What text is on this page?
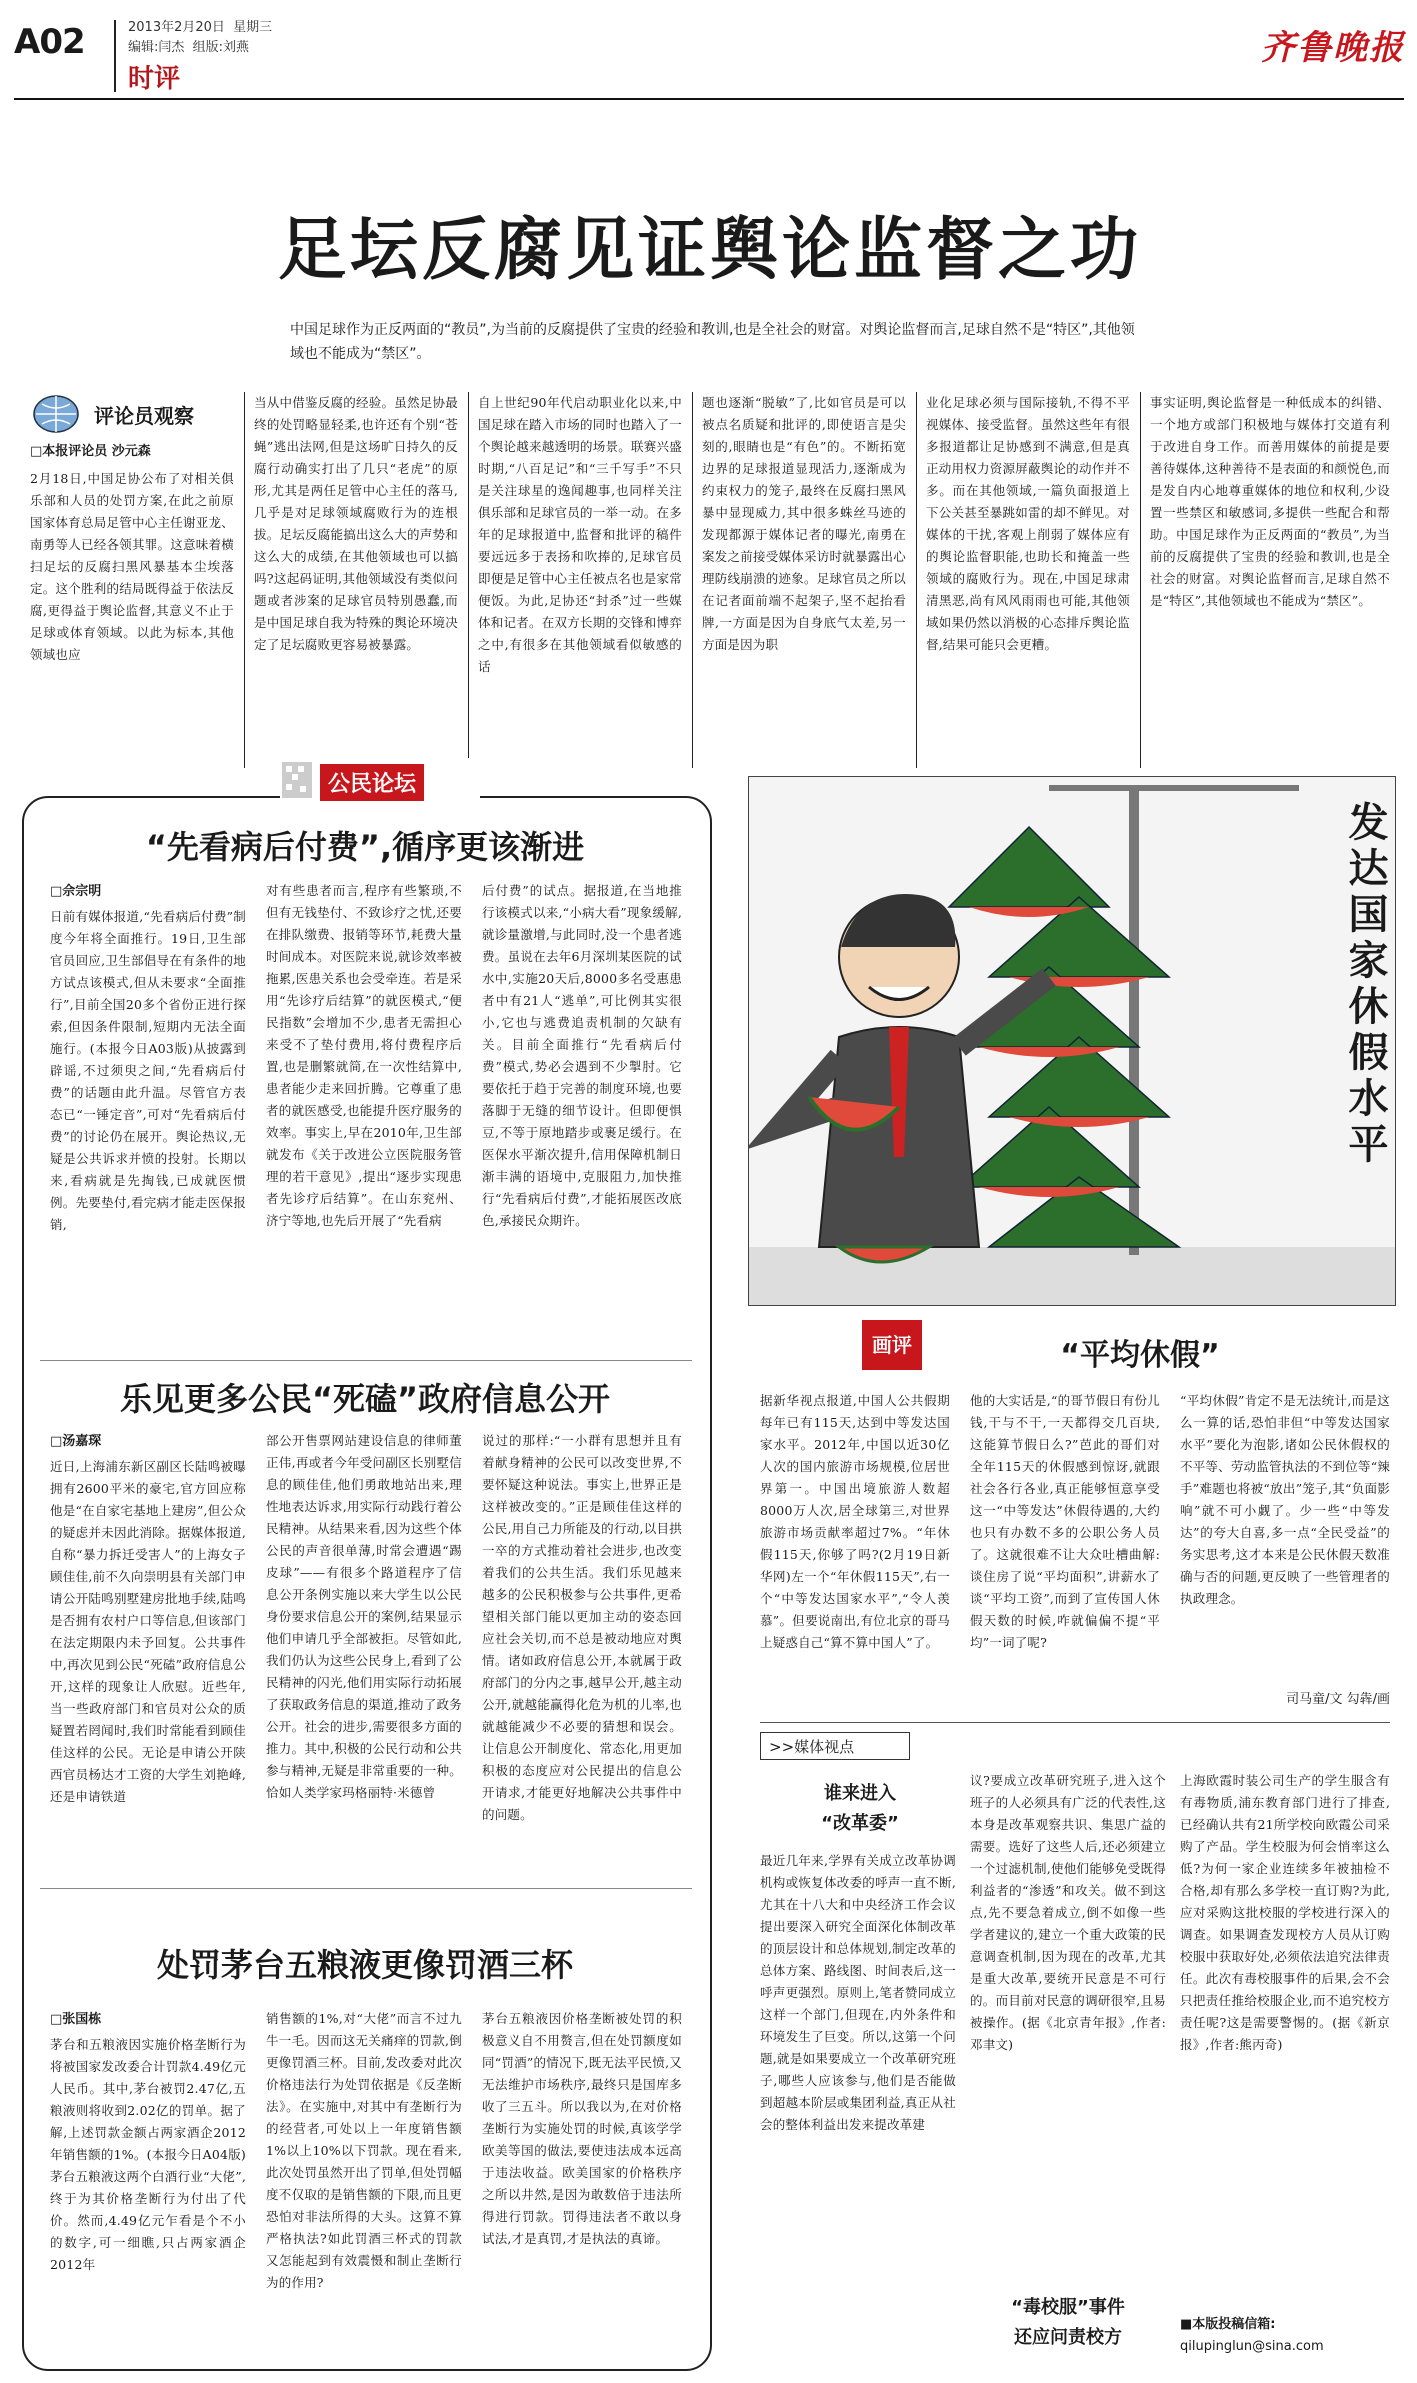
A02	2013年2月20日 星期三
编辑:闫杰 组版:刘燕
时评
齐鲁晚报
足坛反腐见证舆论监督之功
中国足球作为正反两面的“教员”,为当前的反腐提供了宝贵的经验和教训,也是全社会的财富。对舆论监督而言,足球自然不是“特区”,其他领域也不能成为“禁区”。
评论员观察
□本报评论员 沙元森
2月18日,中国足协公布了对相关俱乐部和人员的处罚方案,在此之前原国家体育总局足管中心主任谢亚龙、南勇等人已经各领其罪。这意味着横扫足坛的反腐扫黑风暴基本尘埃落定。这个胜利的结局既得益于依法反腐,更得益于舆论监督,其意义不止于足球或体育领域。以此为标本,其他领域也应
当从中借鉴反腐的经验。虽然足协最终的处罚略显轻柔,也许还有个别“苍蝇”逃出法网,但是这场旷日持久的反腐行动确实打出了几只“老虎”的原形,尤其是两任足管中心主任的落马,几乎是对足球领域腐败行为的连根拔。足坛反腐能搞出这么大的声势和这么大的成绩,在其他领域也可以搞吗?这起码证明,其他领域没有类似问题或者涉案的足球官员特别愚蠢,而是中国足球自我为特殊的舆论环境决定了足坛腐败更容易被暴露。
自上世纪90年代启动职业化以来,中国足球在踏入市场的同时也踏入了一个舆论越来越透明的场景。联赛兴盛时期,“八百足记”和“三千写手”不只是关注球星的逸闻趣事,也同样关注俱乐部和足球官员的一举一动。在多年的足球报道中,监督和批评的稿件要远远多于表扬和吹捧的,足球官员即便是足管中心主任被点名也是家常便饭。为此,足协还“封杀”过一些媒体和记者。在双方长期的交锋和博弈之中,有很多在其他领域看似敏感的话
题也逐渐“脱敏”了,比如官员是可以被点名质疑和批评的,即使语言是尖刻的,眼睛也是“有色”的。不断拓宽边界的足球报道显现活力,逐渐成为约束权力的笼子,最终在反腐扫黑风暴中显现威力,其中很多蛛丝马迹的发现都源于媒体记者的曝光,南勇在案发之前接受媒体采访时就暴露出心理防线崩溃的迹象。足球官员之所以在记者面前端不起架子,坚不起抬看牌,一方面是因为自身底气太差,另一方面是因为职
业化足球必须与国际接轨,不得不平视媒体、接受监督。虽然这些年有很多报道都让足协感到不满意,但是真正动用权力资源屏蔽舆论的动作并不多。而在其他领域,一篇负面报道上下公关甚至暴跳如雷的却不鲜见。对媒体的干扰,客观上削弱了媒体应有的舆论监督职能,也助长和掩盖一些领域的腐败行为。现在,中国足球肃清黑恶,尚有风风雨雨也可能,其他领域如果仍然以消极的心态排斥舆论监督,结果可能只会更糟。
事实证明,舆论监督是一种低成本的纠错、一个地方或部门积极地与媒体打交道有利于改进自身工作。而善用媒体的前提是要善待媒体,这种善待不是表面的和颜悦色,而是发自内心地尊重媒体的地位和权利,少设置一些禁区和敏感词,多提供一些配合和帮助。中国足球作为正反两面的“教员”,为当前的反腐提供了宝贵的经验和教训,也是全社会的财富。对舆论监督而言,足球自然不是“特区”,其他领域也不能成为“禁区”。
公民论坛
“先看病后付费”,循序更该渐进
□佘宗明
日前有媒体报道,“先看病后付费”制度今年将全面推行。19日,卫生部官员回应,卫生部倡导在有条件的地方试点该模式,但从未要求“全面推行”,目前全国20多个省份正进行探索,但因条件限制,短期内无法全面施行。(本报今日A03版)从披露到辟谣,不过须臾之间,“先看病后付费”的话题由此升温。尽管官方表态已“一锤定音”,可对“先看病后付费”的讨论仍在展开。舆论热议,无疑是公共诉求并愤的投射。长期以来,看病就是先掏钱,已成就医惯例。先要垫付,看完病才能走医保报销,
对有些患者而言,程序有些繁琐,不但有无钱垫付、不致诊疗之忧,还要在排队缴费、报销等环节,耗费大量时间成本。对医院来说,就诊效率被拖累,医患关系也会受牵连。若是采用“先诊疗后结算”的就医模式,“便民指数”会增加不少,患者无需担心来受不了垫付费用,将付费程序后置,也是删繁就简,在一次性结算中,患者能少走来回折腾。它尊重了患者的就医感受,也能提升医疗服务的效率。事实上,早在2010年,卫生部就发布《关于改进公立医院服务管理的若干意见》,提出“逐步实现患者先诊疗后结算”。在山东兖州、济宁等地,也先后开展了“先看病
后付费”的试点。据报道,在当地推行该模式以来,“小病大看”现象缓解,就诊量激增,与此同时,没一个患者逃费。虽说在去年6月深圳某医院的试水中,实施20天后,8000多名受惠患者中有21人“逃单”,可比例其实很小,它也与逃费追责机制的欠缺有关。目前全面推行“先看病后付费”模式,势必会遇到不少掣肘。它要依托于趋于完善的制度环境,也要落脚于无缝的细节设计。但即便惧豆,不等于原地踏步或裹足缓行。在医保水平渐次提升,信用保障机制日渐丰满的语境中,克服阻力,加快推行“先看病后付费”,才能拓展医改底色,承接民众期许。
乐见更多公民“死磕”政府信息公开
□汤嘉琛
近日,上海浦东新区副区长陆鸣被曝拥有2600平米的豪宅,官方回应称他是“在自家宅基地上建房”,但公众的疑虑并未因此消除。据媒体报道,自称“暴力拆迁受害人”的上海女子顾佳佳,前不久向崇明县有关部门申请公开陆鸣别墅建房批地手续,陆鸣是否拥有农村户口等信息,但该部门在法定期限内未予回复。公共事件中,再次见到公民“死磕”政府信息公开,这样的现象让人欣慰。近些年,当一些政府部门和官员对公众的质疑置若罔闻时,我们时常能看到顾佳佳这样的公民。无论是申请公开陕西官员杨达才工资的大学生刘艳峰,还是申请铁道
部公开售票网站建设信息的律师董正伟,再或者今年受问副区长别墅信息的顾佳佳,他们勇敢地站出来,理性地表达诉求,用实际行动践行着公民精神。从结果来看,因为这些个体公民的声音很单薄,时常会遭遇“踢皮球”——有很多个路道程序了信息公开条例实施以来大学生以公民身份要求信息公开的案例,结果显示他们申请几乎全部被拒。尽管如此,我们仍认为这些公民身上,看到了公民精神的闪光,他们用实际行动拓展了获取政务信息的渠道,推动了政务公开。社会的进步,需要很多方面的推力。其中,积极的公民行动和公共参与精神,无疑是非常重要的一种。恰如人类学家玛格丽特·米德曾
说过的那样:“一小群有思想并且有着献身精神的公民可以改变世界,不要怀疑这种说法。事实上,世界正是这样被改变的。”正是顾佳佳这样的公民,用自己力所能及的行动,以目拱一卒的方式推动着社会进步,也改变着我们的公共生活。我们乐见越来越多的公民积极参与公共事件,更希望相关部门能以更加主动的姿态回应社会关切,而不总是被动地应对舆情。诸如政府信息公开,本就属于政府部门的分内之事,越早公开,越主动公开,就越能赢得化危为机的儿率,也就越能减少不必要的猜想和误会。让信息公开制度化、常态化,用更加积极的态度应对公民提出的信息公开请求,才能更好地解决公共事件中的问题。
处罚茅台五粮液更像罚酒三杯
□张国栋
茅台和五粮液因实施价格垄断行为将被国家发改委合计罚款4.49亿元人民币。其中,茅台被罚2.47亿,五粮液则将收到2.02亿的罚单。据了解,上述罚款金额占两家酒企2012年销售额的1%。(本报今日A04版)茅台五粮液这两个白酒行业“大佬”,终于为其价格垄断行为付出了代价。然而,4.49亿元乍看是个不小的数字,可一细瞧,只占两家酒企2012年
销售额的1%,对“大佬”而言不过九牛一毛。因而这无关痛痒的罚款,倒更像罚酒三杯。目前,发改委对此次价格违法行为处罚依据是《反垄断法》。在实施中,对其中有垄断行为的经营者,可处以上一年度销售额1%以上10%以下罚款。现在看来,此次处罚虽然开出了罚单,但处罚幅度不仅取的是销售额的下限,而且更恐怕对非法所得的大头。这算不算严格执法?如此罚酒三杯式的罚款又怎能起到有效震慑和制止垄断行为的作用?
茅台五粮液因价格垄断被处罚的积极意义自不用赘言,但在处罚额度如同“罚酒”的情况下,既无法平民愤,又无法维护市场秩序,最终只是国库多收了三五斗。所以我以为,在对价格垄断行为实施处罚的时候,真该学学欧美等国的做法,要使违法成本远高于违法收益。欧美国家的价格秩序之所以井然,是因为敢数倍于违法所得进行罚款。罚得违法者不敢以身试法,才是真罚,才是执法的真谛。
发达国家休假水平
画评	“平均休假”
据新华视点报道,中国人公共假期每年已有115天,达到中等发达国家水平。2012年,中国以近30亿人次的国内旅游市场规模,位居世界第一。中国出境旅游人数超8000万人次,居全球第三,对世界旅游市场贡献率超过7%。“年休假115天,你够了吗?(2月19日新华网)左一个“年休假115天”,右一个“中等发达国家水平”,“令人羡慕”。但要说南出,有位北京的哥马上疑惑自己“算不算中国人”了。
他的大实话是,“的哥节假日有份儿钱,干与不干,一天都得交几百块,这能算节假日么?”芭此的哥们对全年115天的休假感到惊讶,就跟社会各行各业,真正能够恒意享受这一“中等发达”休假待遇的,大约也只有办数不多的公职公务人员了。这就很难不让大众吐槽曲解:谈住房了说“平均面积”,讲薪水了谈“平均工资”,而到了宣传国人休假天数的时候,咋就偏偏不提“平均”一词了呢?
“平均休假”肯定不是无法统计,而是这么一算的话,恐怕非但“中等发达国家水平”要化为泡影,诸如公民休假权的不平等、劳动监管执法的不到位等“辣手”难题也将被“放出”笼子,其“负面影响”就不可小觑了。少一些“中等发达”的夸大自喜,多一点“全民受益”的务实思考,这才本来是公民休假天数准确与否的问题,更反映了一些管理者的执政理念。
司马童/文 勾犇/画
>>媒体视点
谁来进入
“改革委”
最近几年来,学界有关成立改革协调机构或恢复体改委的呼声一直不断,尤其在十八大和中央经济工作会议提出要深入研究全面深化体制改革的顶层设计和总体规划,制定改革的总体方案、路线图、时间表后,这一呼声更强烈。原则上,笔者赞同成立这样一个部门,但现在,内外条件和环境发生了巨变。所以,这第一个问题,就是如果要成立一个改革研究班子,哪些人应该参与,他们是否能做到超越本阶层或集团利益,真正从社会的整体利益出发来提改革建
议?要成立改革研究班子,进入这个班子的人必须具有广泛的代表性,这本身是改革观察共识、集思广益的需要。选好了这些人后,还必须建立一个过滤机制,使他们能够免受既得利益者的“渗透”和攻关。做不到这点,先不要急着成立,倒不如像一些学者建议的,建立一个重大政策的民意调查机制,因为现在的改革,尤其是重大改革,要统开民意是不可行的。而目前对民意的调研很窄,且易被操作。(据《北京青年报》,作者:邓聿文)
“毒校服”事件
还应问责校方
上海欧霞时装公司生产的学生服含有有毒物质,浦东教育部门进行了排查,已经确认共有21所学校向欧霞公司采购了产品。学生校服为何会悄率这么低?为何一家企业连续多年被抽检不合格,却有那么多学校一直订购?为此,应对采购这批校服的学校进行深入的调查。如果调查发现校方人员从订购校服中获取好处,必须依法追究法律责任。此次有毒校服事件的后果,会不会只把责任推给校服企业,而不追究校方责任呢?这是需要警惕的。(据《新京报》,作者:熊丙奇)
■本版投稿信箱:
qilupinglun@sina.com
